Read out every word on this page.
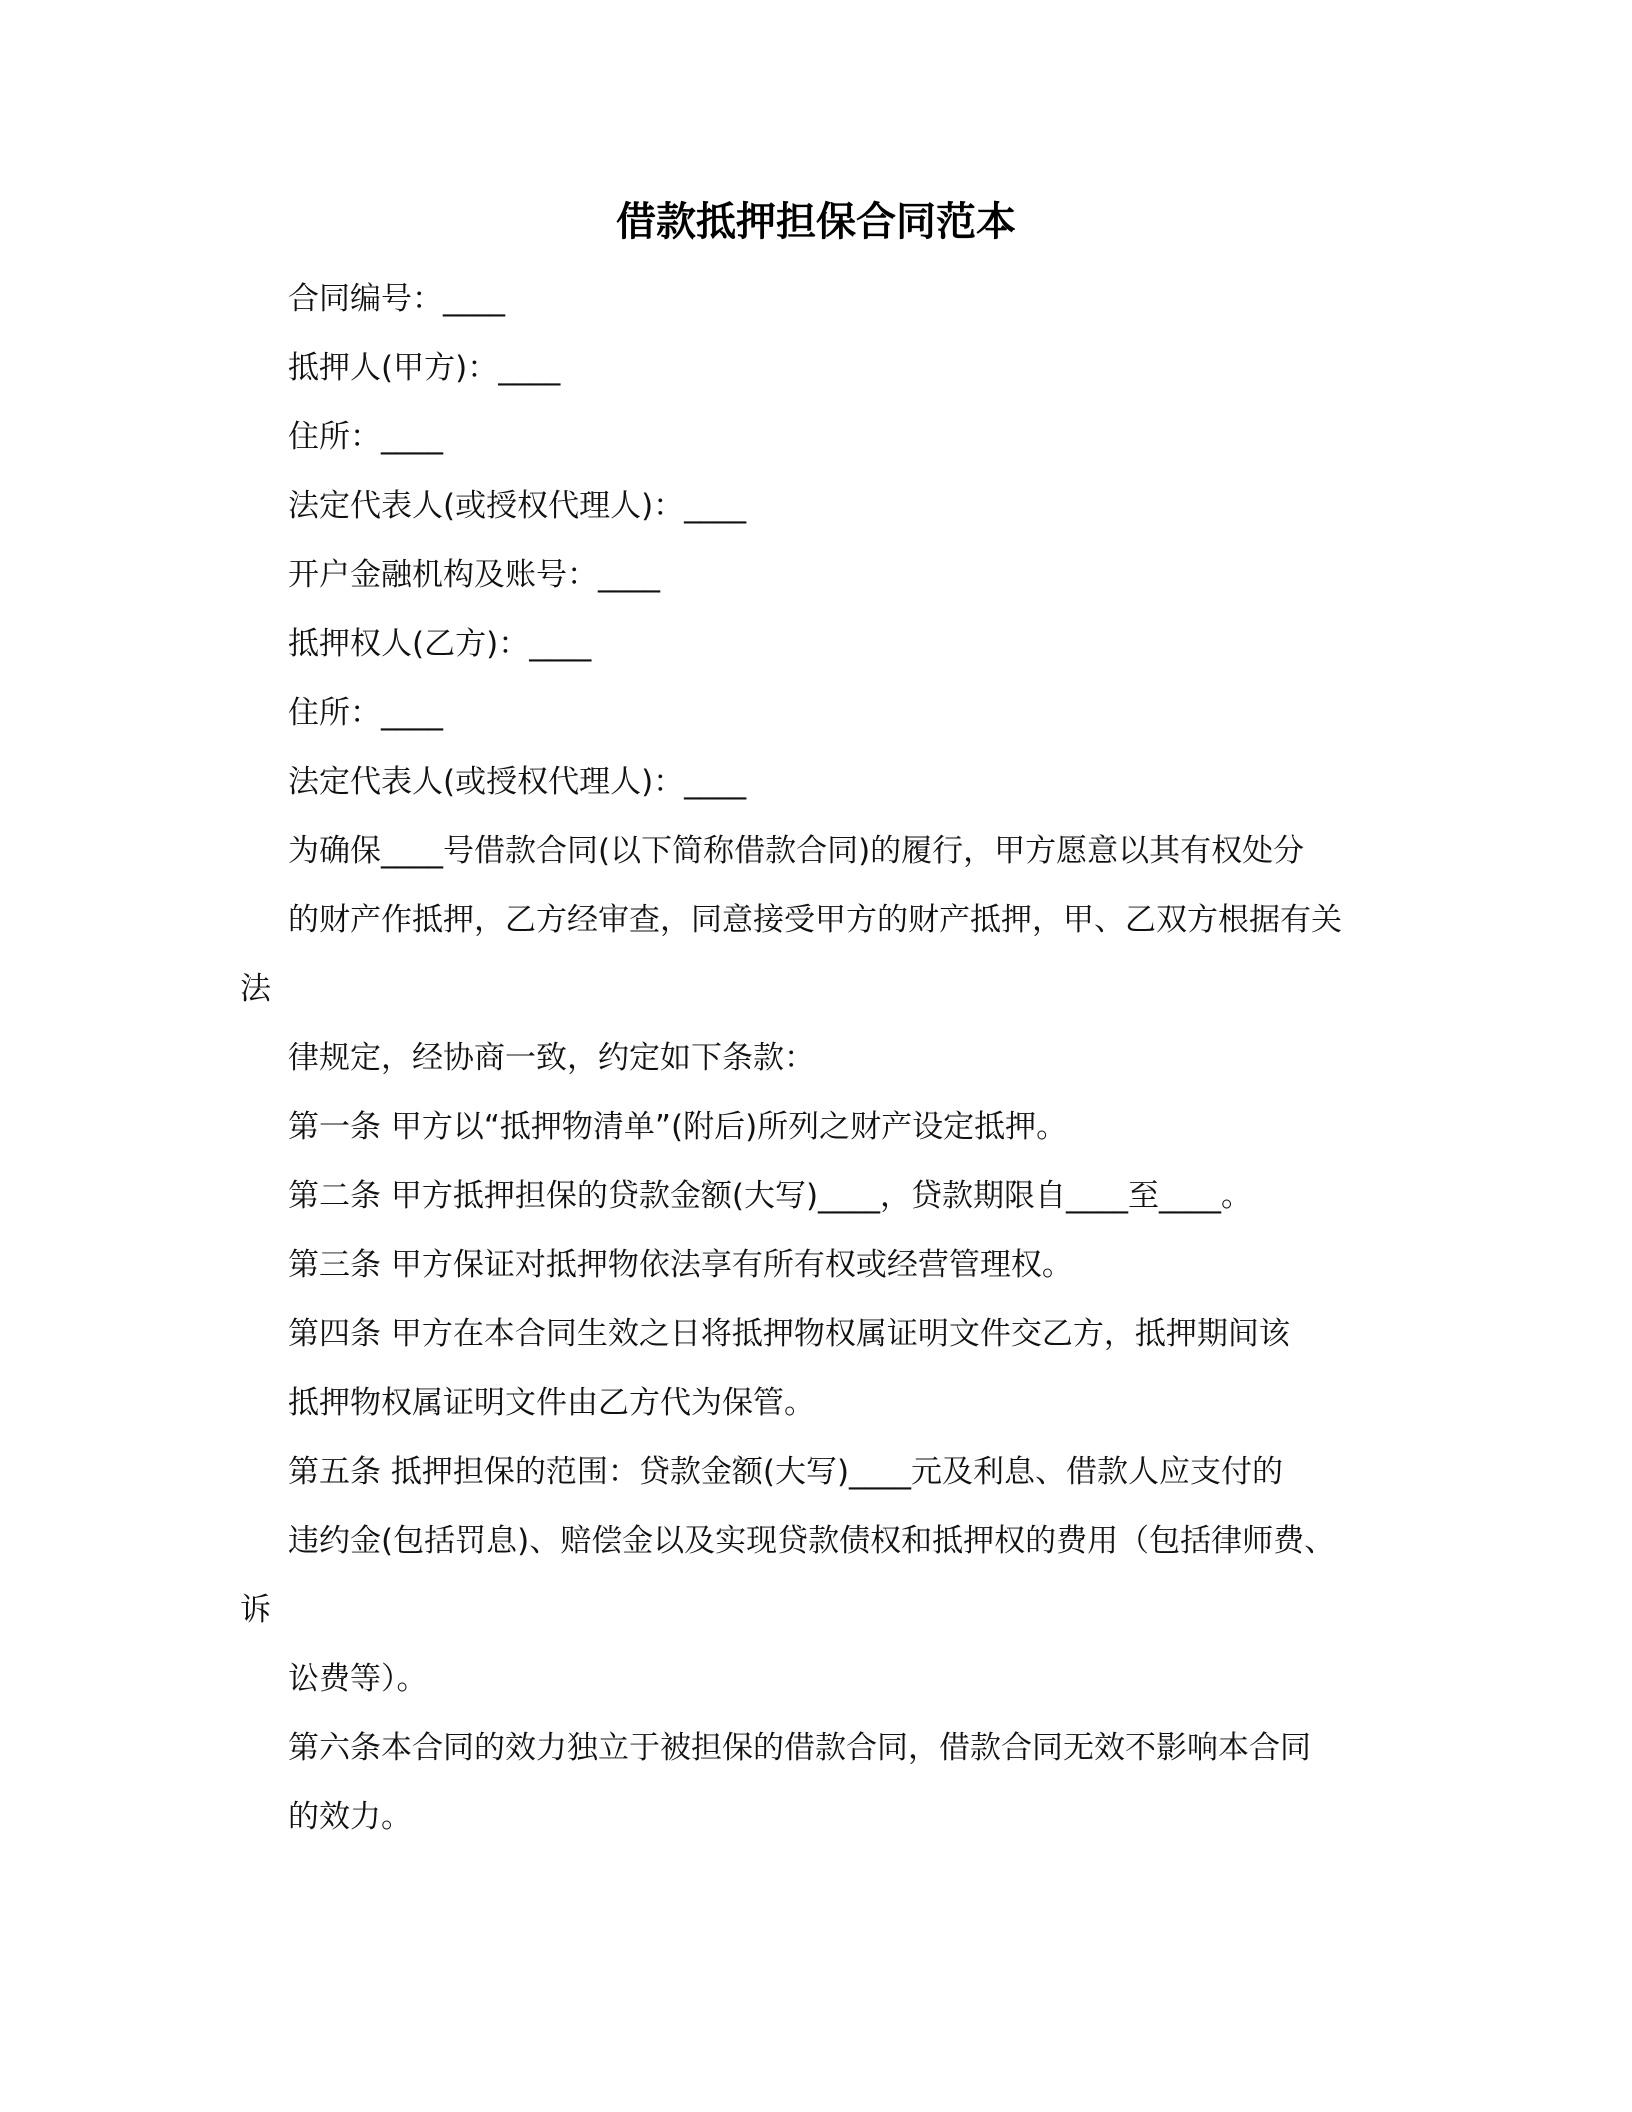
借款抵押担保合同范本

合同编号：____

抵押人(甲方)：____

住所：____

法定代表人(或授权代理人)：____

开户金融机构及账号：____

抵押权人(乙方)：____

住所：____

法定代表人(或授权代理人)：____

为确保____号借款合同(以下简称借款合同)的履行，甲方愿意以其有权处分

的财产作抵押，乙方经审查，同意接受甲方的财产抵押，甲、乙双方根据有关

法

律规定，经协商一致，约定如下条款：

第一条 甲方以“抵押物清单”(附后)所列之财产设定抵押。

第二条 甲方抵押担保的贷款金额(大写)____，贷款期限自____至____。

第三条 甲方保证对抵押物依法享有所有权或经营管理权。

第四条 甲方在本合同生效之日将抵押物权属证明文件交乙方，抵押期间该

抵押物权属证明文件由乙方代为保管。

第五条 抵押担保的范围：贷款金额(大写)____元及利息、借款人应支付的

违约金(包括罚息)、赔偿金以及实现贷款债权和抵押权的费用（包括律师费、

诉

讼费等）。

第六条本合同的效力独立于被担保的借款合同，借款合同无效不影响本合同

的效力。
